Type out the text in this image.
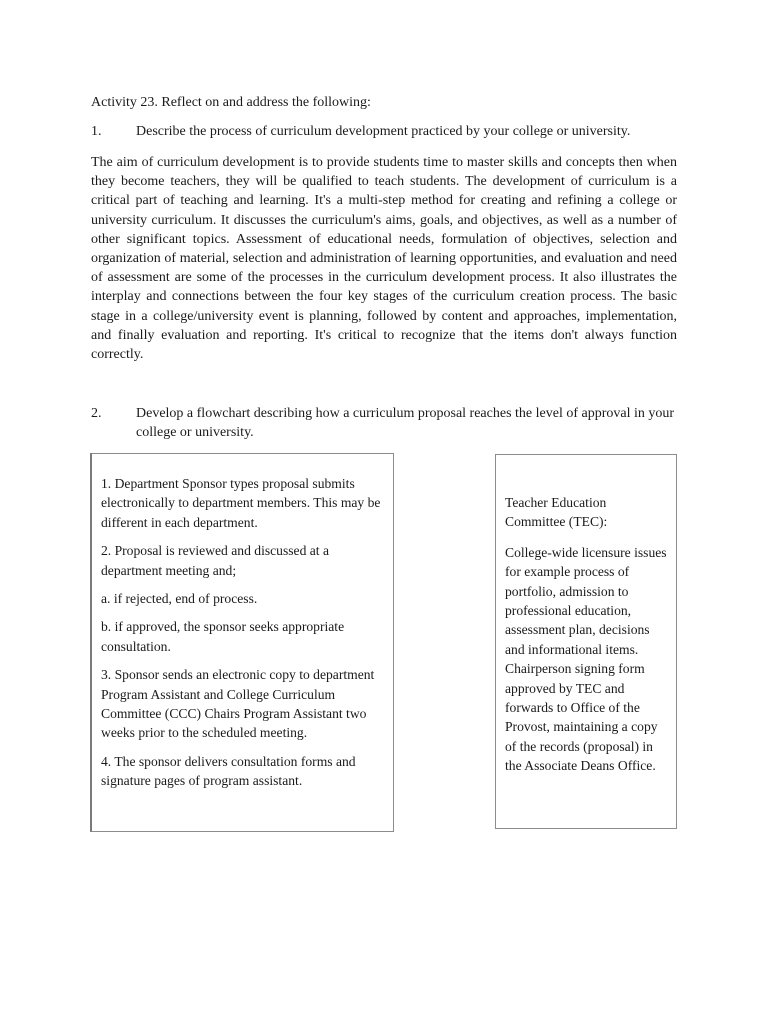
Activity 23. Reflect on and address the following:
1. Describe the process of curriculum development practiced by your college or university.
The aim of curriculum development is to provide students time to master skills and concepts then when they become teachers, they will be qualified to teach students. The development of curriculum is a critical part of teaching and learning. It's a multi-step method for creating and refining a college or university curriculum. It discusses the curriculum's aims, goals, and objectives, as well as a number of other significant topics. Assessment of educational needs, formulation of objectives, selection and organization of material, selection and administration of learning opportunities, and evaluation and need of assessment are some of the processes in the curriculum development process. It also illustrates the interplay and connections between the four key stages of the curriculum creation process. The basic stage in a college/university event is planning, followed by content and approaches, implementation, and finally evaluation and reporting. It's critical to recognize that the items don't always function correctly.
2. Develop a flowchart describing how a curriculum proposal reaches the level of approval in your college or university.

1. Department Sponsor types proposal submits electronically to department members. This may be different in each department.

2. Proposal is reviewed and discussed at a department meeting and;

a. if rejected, end of process.

b. if approved, the sponsor seeks appropriate consultation.

3. Sponsor sends an electronic copy to department Program Assistant and College Curriculum Committee (CCC) Chairs Program Assistant two weeks prior to the scheduled meeting.

4. The sponsor delivers consultation forms and signature pages of program assistant.

Teacher Education Committee (TEC):

College-wide licensure issues for example process of portfolio, admission to professional education, assessment plan, decisions and informational items. Chairperson signing form approved by TEC and forwards to Office of the Provost, maintaining a copy of the records (proposal) in the Associate Deans Office.
